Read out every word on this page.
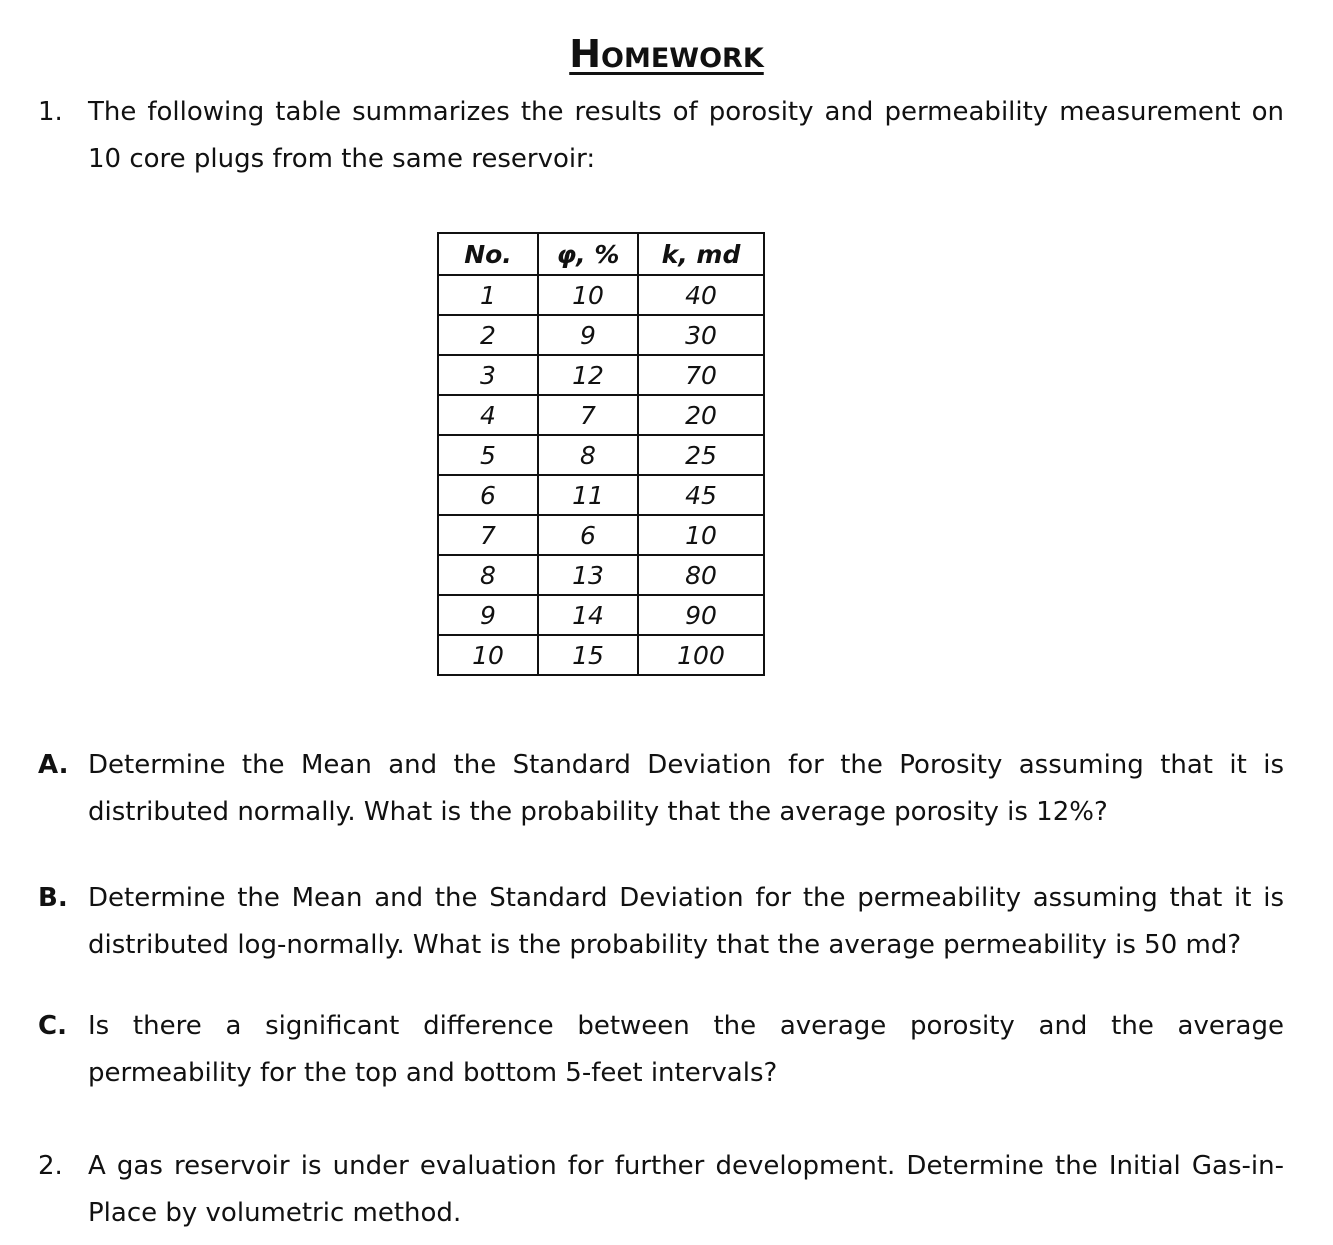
Homework
1. The following table summarizes the results of porosity and permeability measurement on 10 core plugs from the same reservoir:
No.	φ, %	k, md
1	10	40
2	9	30
3	12	70
4	7	20
5	8	25
6	11	45
7	6	10
8	13	80
9	14	90
10	15	100
A. Determine the Mean and the Standard Deviation for the Porosity assuming that it is distributed normally. What is the probability that the average porosity is 12%?
B. Determine the Mean and the Standard Deviation for the permeability assuming that it is distributed log-normally. What is the probability that the average permeability is 50 md?
C. Is there a significant difference between the average porosity and the average permeability for the top and bottom 5-feet intervals?
2. A gas reservoir is under evaluation for further development. Determine the Initial Gas-in-Place by volumetric method.
